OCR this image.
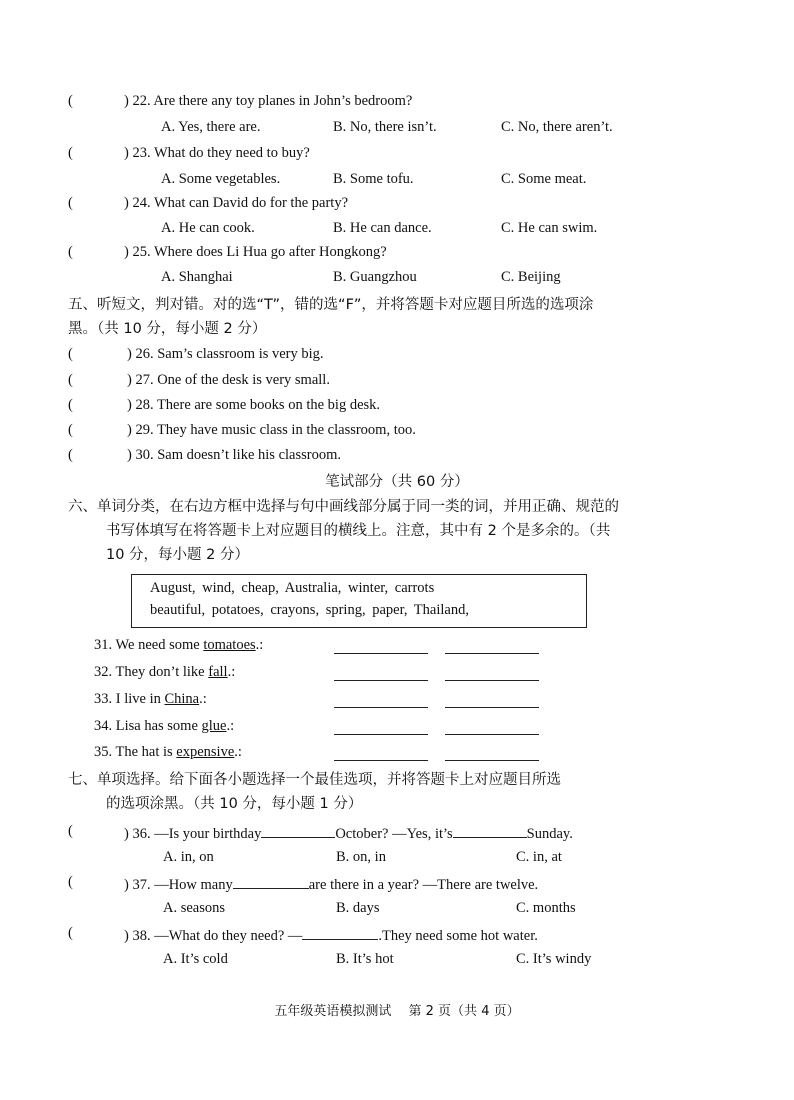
(	) 22. Are there any toy planes in John’s bedroom?
A. Yes, there are.	B. No, there isn’t.	C. No, there aren’t.
(	) 23. What do they need to buy?
A. Some vegetables.	B. Some tofu.	C. Some meat.
(	) 24. What can David do for the party?
A. He can cook.	B. He can dance.	C. He can swim.
(	) 25. Where does Li Hua go after Hongkong?
A. Shanghai	B. Guangzhou	C. Beijing
五、听短文，判对错。对的选“T”，错的选“F”，并将答题卡对应题目所选的选项涂
黑。（共 10 分，每小题 2 分）
(	) 26. Sam’s classroom is very big.
(	) 27. One of the desk is very small.
(	) 28. There are some books on the big desk.
(	) 29. They have music class in the classroom, too.
(	) 30. Sam doesn’t like his classroom.
笔试部分（共 60 分）
六、单词分类，在右边方框中选择与句中画线部分属于同一类的词，并用正确、规范的
书写体填写在将答题卡上对应题目的横线上。注意，其中有 2 个是多余的。（共
10 分，每小题 2 分）
August, wind, cheap, Australia, winter, carrots
beautiful, potatoes, crayons, spring, paper, Thailand,
31. We need some tomatoes.:
32. They don’t like fall.:
33. I live in China.:
34. Lisa has some glue.:
35. The hat is expensive.:
七、单项选择。给下面各小题选择一个最佳选项，并将答题卡上对应题目所选
的选项涂黑。（共 10 分，每小题 1 分）
(	) 36. —Is your birthday	October? —Yes, it’s	Sunday.
A. in, on	B. on, in	C. in, at
(	) 37. —How many	are there in a year? —There are twelve.
A. seasons	B. days	C. months
(	) 38. —What do they need? —	.They need some hot water.
A. It’s cold	B. It’s hot	C. It’s windy
五年级英语模拟测试　 第 2 页（共 4 页）
